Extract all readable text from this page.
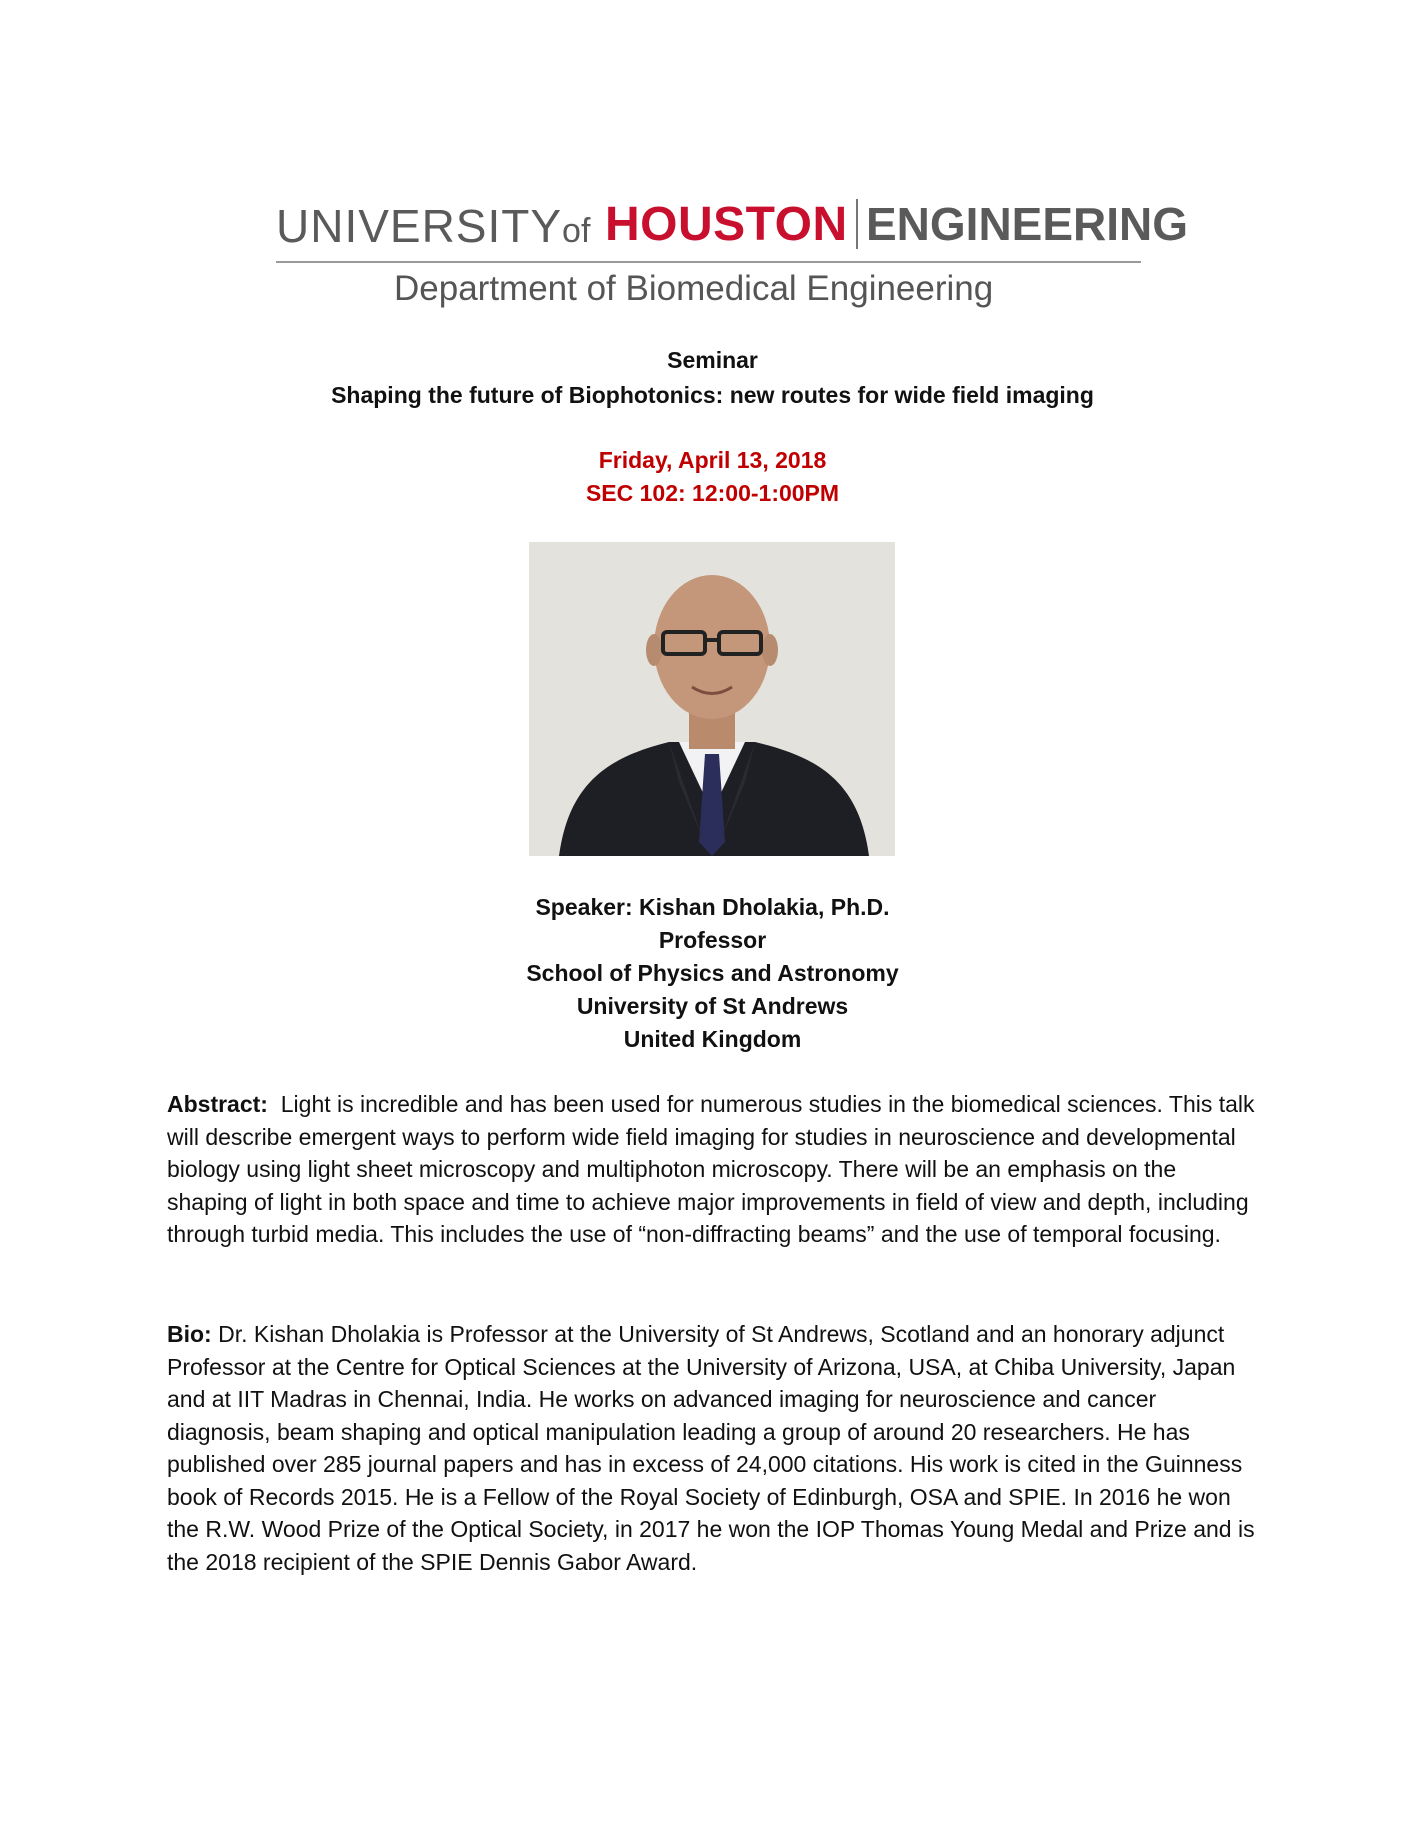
UNIVERSITYof HOUSTON ENGINEERING
Department of Biomedical Engineering
Seminar
Shaping the future of Biophotonics: new routes for wide field imaging
Friday, April 13, 2018
SEC 102: 12:00-1:00PM
Speaker: Kishan Dholakia, Ph.D.
Professor
School of Physics and Astronomy
University of St Andrews
United Kingdom
Abstract: Light is incredible and has been used for numerous studies in the biomedical sciences. This talk will describe emergent ways to perform wide field imaging for studies in neuroscience and developmental biology using light sheet microscopy and multiphoton microscopy. There will be an emphasis on the shaping of light in both space and time to achieve major improvements in field of view and depth, including through turbid media. This includes the use of “non-diffracting beams” and the use of temporal focusing.
Bio: Dr. Kishan Dholakia is Professor at the University of St Andrews, Scotland and an honorary adjunct Professor at the Centre for Optical Sciences at the University of Arizona, USA, at Chiba University, Japan and at IIT Madras in Chennai, India. He works on advanced imaging for neuroscience and cancer diagnosis, beam shaping and optical manipulation leading a group of around 20 researchers. He has published over 285 journal papers and has in excess of 24,000 citations. His work is cited in the Guinness book of Records 2015. He is a Fellow of the Royal Society of Edinburgh, OSA and SPIE. In 2016 he won the R.W. Wood Prize of the Optical Society, in 2017 he won the IOP Thomas Young Medal and Prize and is the 2018 recipient of the SPIE Dennis Gabor Award.
